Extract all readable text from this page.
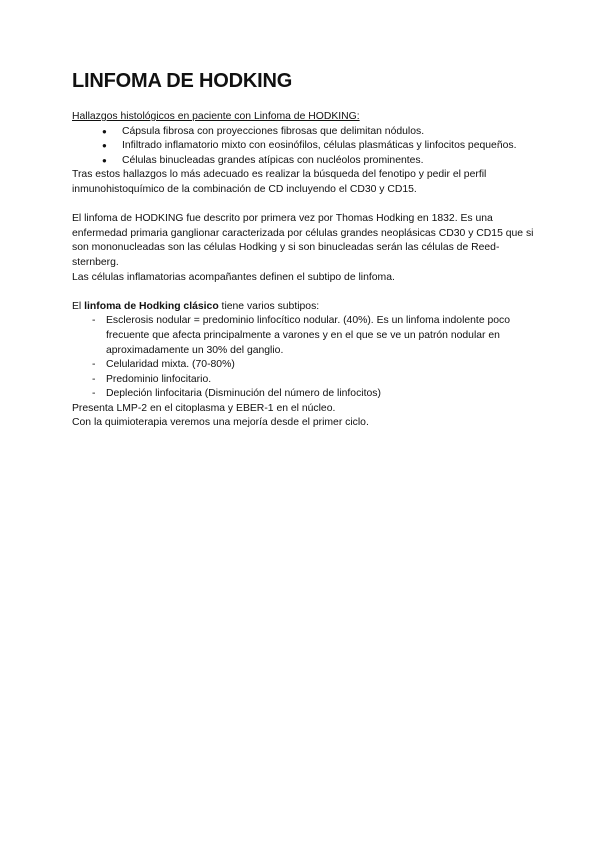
LINFOMA DE HODKING

Hallazgos histológicos en paciente con Linfoma de HODKING:

● Cápsula fibrosa con proyecciones fibrosas que delimitan nódulos.
● Infiltrado inflamatorio mixto con eosinófilos, células plasmáticas y linfocitos pequeños.
● Células binucleadas grandes atípicas con nucléolos prominentes.

Tras estos hallazgos lo más adecuado es realizar la búsqueda del fenotipo y pedir el perfil inmunohistoquímico de la combinación de CD incluyendo el CD30 y CD15.

El linfoma de HODKING fue descrito por primera vez por Thomas Hodking en 1832. Es una enfermedad primaria ganglionar caracterizada por células grandes neoplásicas CD30 y CD15 que si son mononucleadas son las células Hodking y si son binucleadas serán las células de Reed-sternberg.

Las células inflamatorias acompañantes definen el subtipo de linfoma.

El linfoma de Hodking clásico tiene varios subtipos:

- Esclerosis nodular = predominio linfocítico nodular. (40%). Es un linfoma indolente poco frecuente que afecta principalmente a varones y en el que se ve un patrón nodular en aproximadamente un 30% del ganglio.
- Celularidad mixta. (70-80%)
- Predominio linfocitario.
- Depleción linfocitaria (Disminución del número de linfocitos)

Presenta LMP-2 en el citoplasma y EBER-1 en el núcleo.

Con la quimioterapia veremos una mejoría desde el primer ciclo.
